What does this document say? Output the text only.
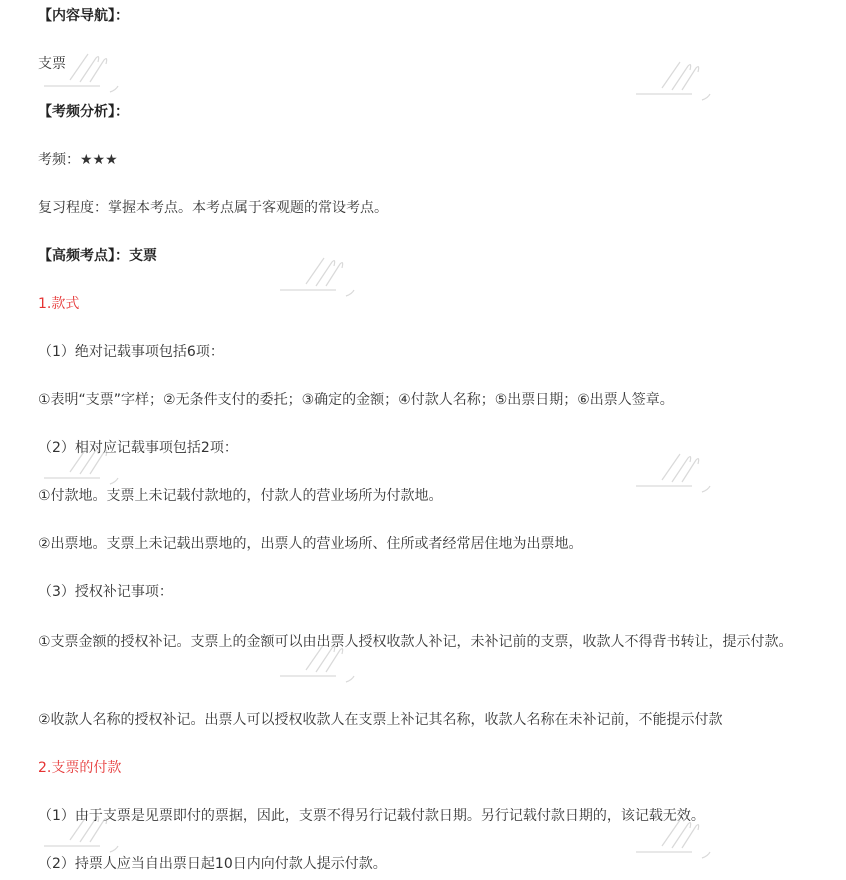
【内容导航】：
支票
【考频分析】：
考频：★★★
复习程度：掌握本考点。本考点属于客观题的常设考点。
【高频考点】：支票
1.款式
（1）绝对记载事项包括6项：
①表明“支票”字样；②无条件支付的委托；③确定的金额；④付款人名称；⑤出票日期；⑥出票人签章。
（2）相对应记载事项包括2项：
①付款地。支票上未记载付款地的，付款人的营业场所为付款地。
②出票地。支票上未记载出票地的，出票人的营业场所、住所或者经常居住地为出票地。
（3）授权补记事项：
①支票金额的授权补记。支票上的金额可以由出票人授权收款人补记，未补记前的支票，收款人不得背书转让，提示付款。
②收款人名称的授权补记。出票人可以授权收款人在支票上补记其名称，收款人名称在未补记前，不能提示付款
2.支票的付款
（1）由于支票是见票即付的票据，因此，支票不得另行记载付款日期。另行记载付款日期的，该记载无效。
（2）持票人应当自出票日起10日内向付款人提示付款。
